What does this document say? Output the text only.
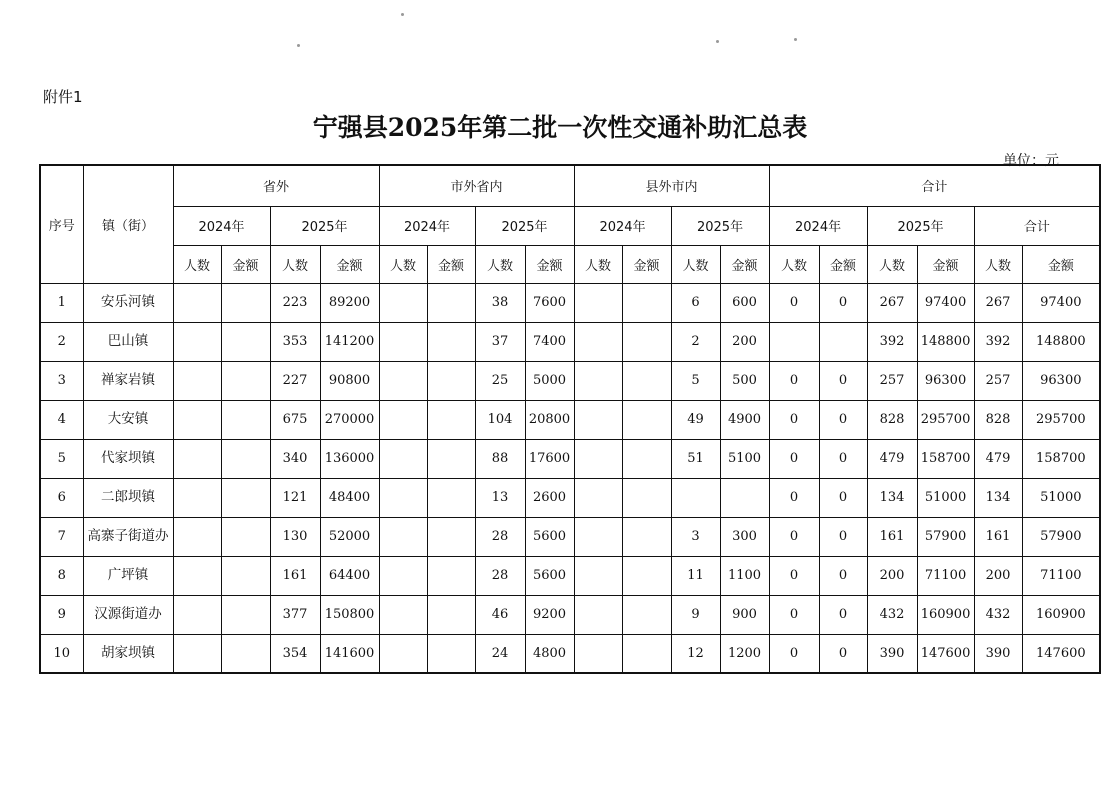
附件1
宁强县2025年第二批一次性交通补助汇总表
单位：元
序号	镇（街）	省外				市外省内				县外市内				合计					
		2024年		2025年		2024年		2025年		2024年		2025年		2024年		2025年		合计	
		人数	金额	人数	金额	人数	金额	人数	金额	人数	金额	人数	金额	人数	金额	人数	金额	人数	金额
1	安乐河镇			223	89200			38	7600			6	600	0	0	267	97400	267	97400
2	巴山镇			353	141200			37	7400			2	200			392	148800	392	148800
3	禅家岩镇			227	90800			25	5000			5	500	0	0	257	96300	257	96300
4	大安镇			675	270000			104	20800			49	4900	0	0	828	295700	828	295700
5	代家坝镇			340	136000			88	17600			51	5100	0	0	479	158700	479	158700
6	二郎坝镇			121	48400			13	2600					0	0	134	51000	134	51000
7	高寨子街道办			130	52000			28	5600			3	300	0	0	161	57900	161	57900
8	广坪镇			161	64400			28	5600			11	1100	0	0	200	71100	200	71100
9	汉源街道办			377	150800			46	9200			9	900	0	0	432	160900	432	160900
10	胡家坝镇			354	141600			24	4800			12	1200	0	0	390	147600	390	147600
